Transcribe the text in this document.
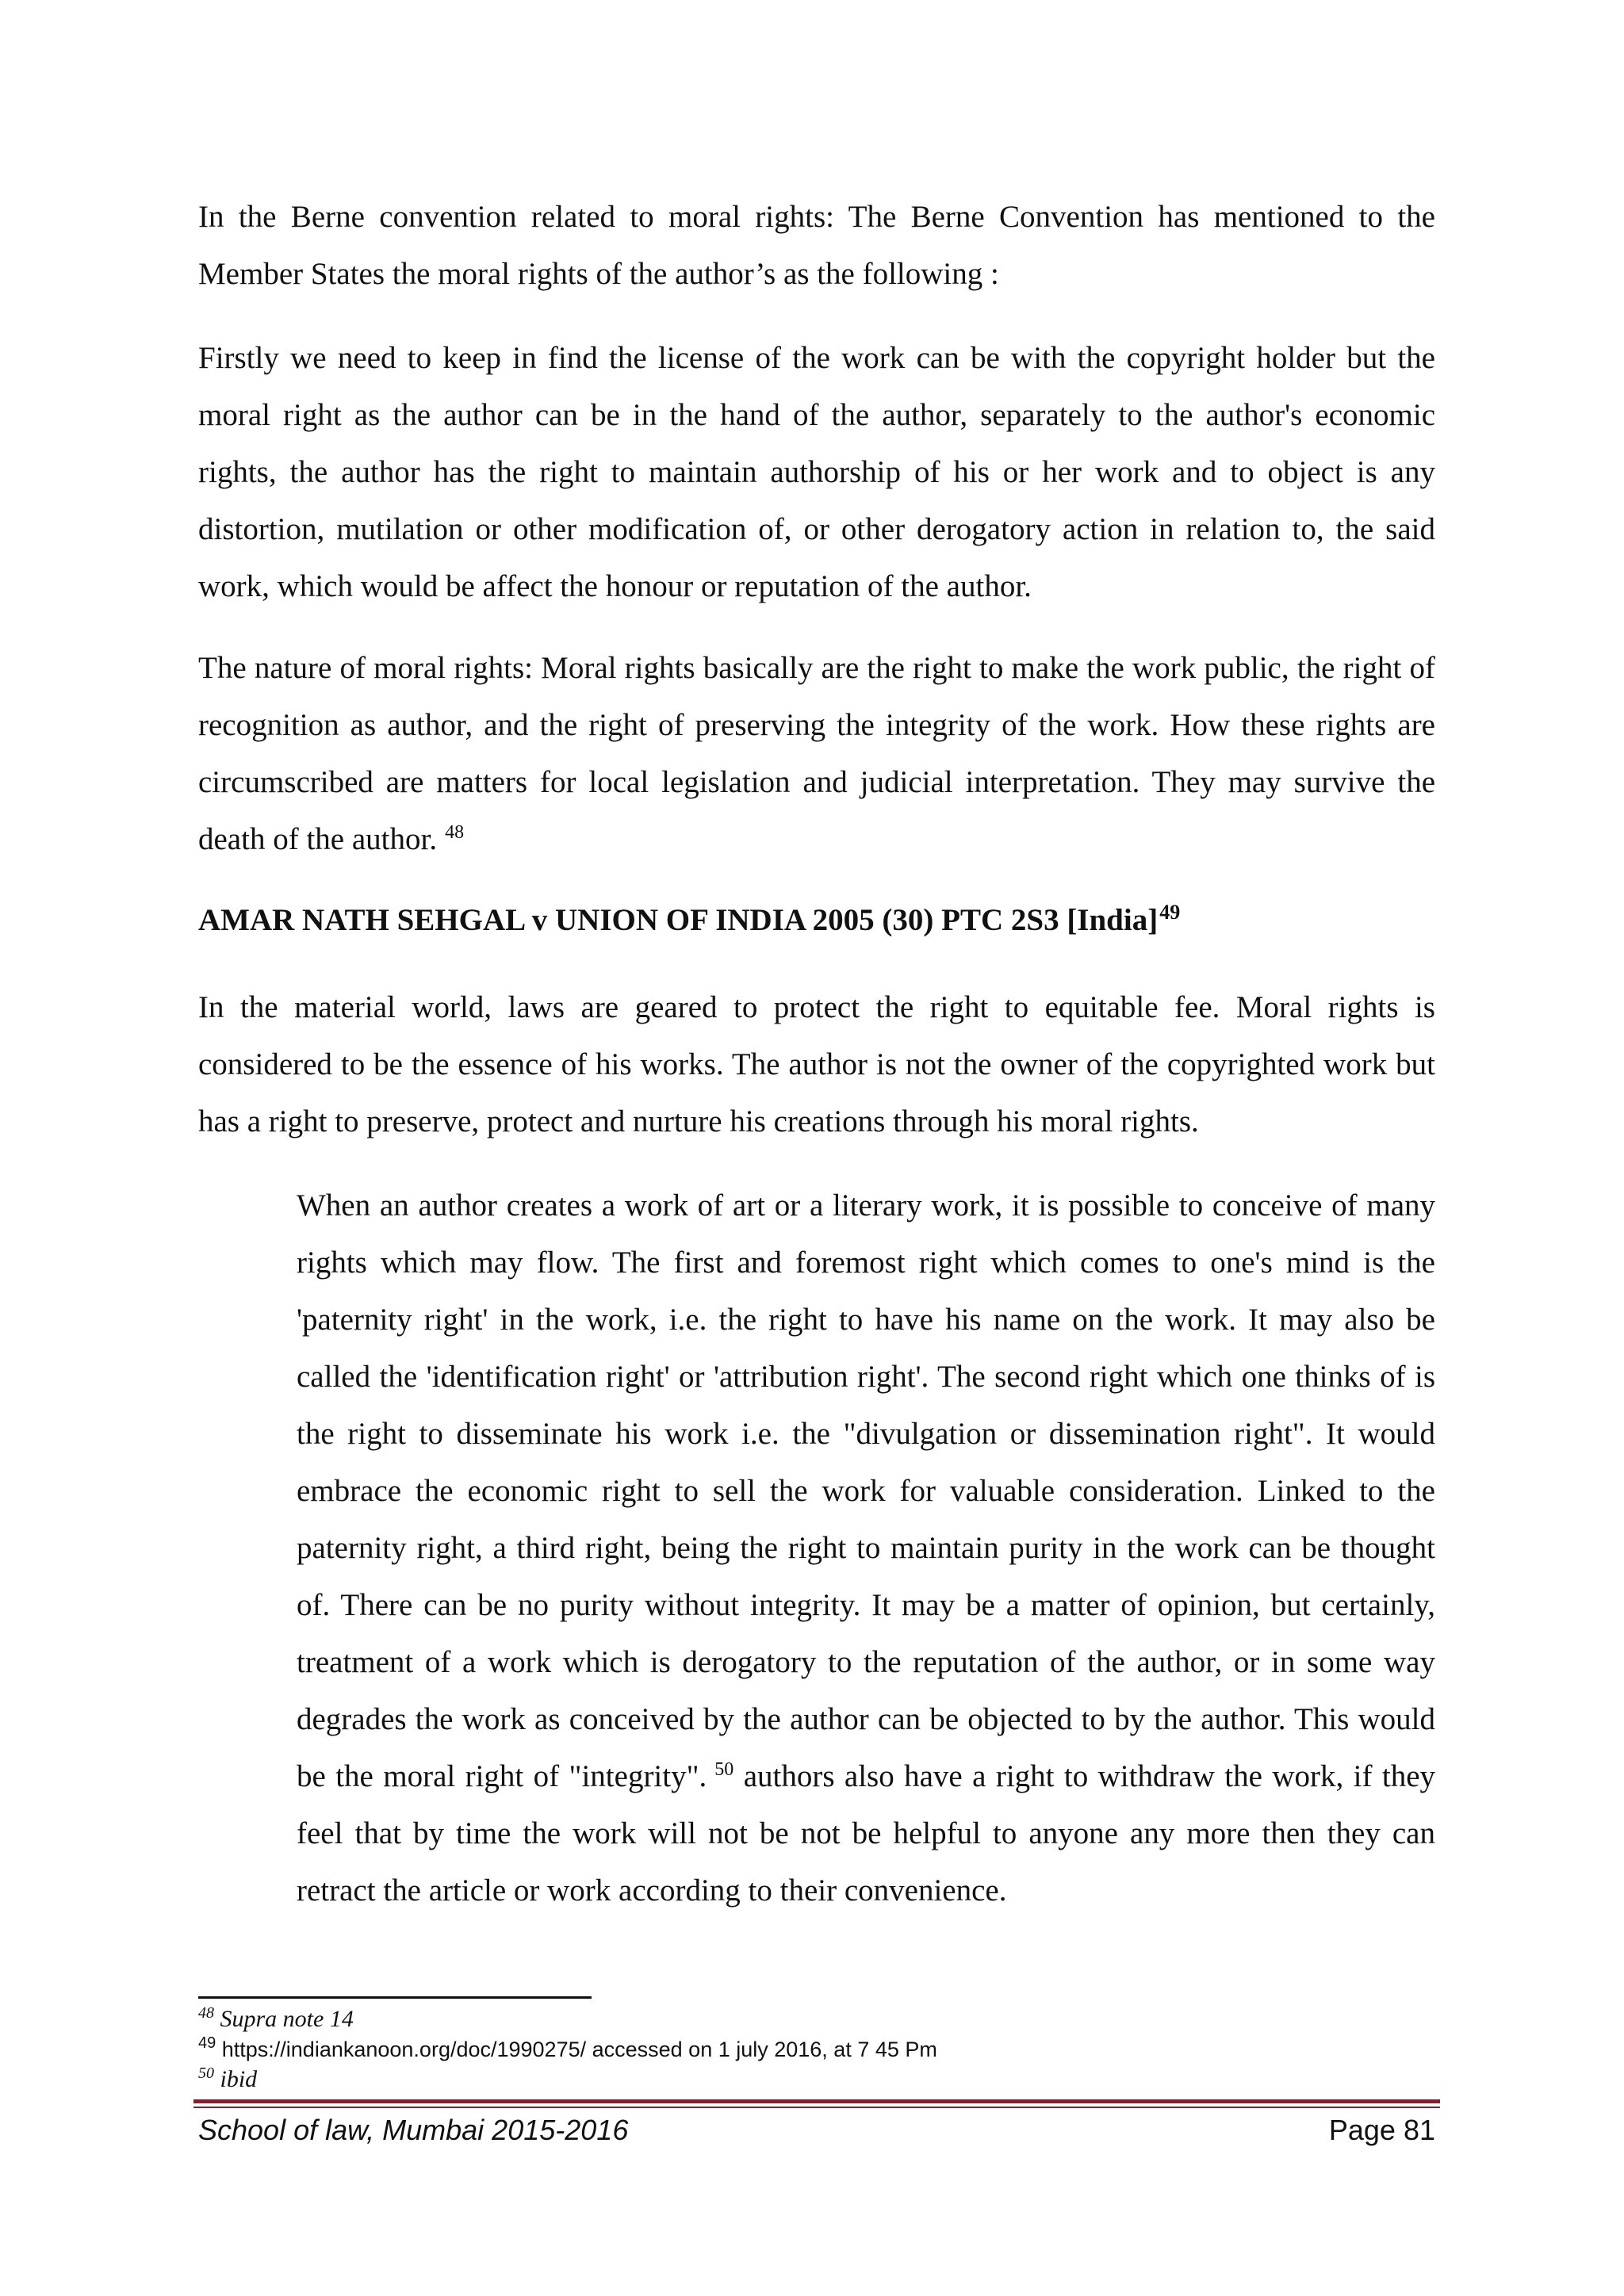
In the Berne convention related to moral rights: The Berne Convention has mentioned to the Member States the moral rights of the author’s as the following :

Firstly we need to keep in find the license of the work can be with the copyright holder but the moral right as the author can be in the hand of the author, separately to the author's economic rights, the author has the right to maintain authorship of his or her work and to object is any distortion, mutilation or other modification of, or other derogatory action in relation to, the said work, which would be affect the honour or reputation of the author.

The nature of moral rights: Moral rights basically are the right to make the work public, the right of recognition as author, and the right of preserving the integrity of the work. How these rights are circumscribed are matters for local legislation and judicial interpretation. They may survive the death of the author. $^{48}$

AMAR NATH SEHGAL v UNION OF INDIA 2005 (30) PTC 2S3 [India]$^{49}$

In the material world, laws are geared to protect the right to equitable fee. Moral rights is considered to be the essence of his works. The author is not the owner of the copyrighted work but has a right to preserve, protect and nurture his creations through his moral rights.

When an author creates a work of art or a literary work, it is possible to conceive of many rights which may flow. The first and foremost right which comes to one's mind is the 'paternity right' in the work, i.e. the right to have his name on the work. It may also be called the 'identification right' or 'attribution right'. The second right which one thinks of is the right to disseminate his work i.e. the "divulgation or dissemination right". It would embrace the economic right to sell the work for valuable consideration. Linked to the paternity right, a third right, being the right to maintain purity in the work can be thought of. There can be no purity without integrity. It may be a matter of opinion, but certainly, treatment of a work which is derogatory to the reputation of the author, or in some way degrades the work as conceived by the author can be objected to by the author. This would be the moral right of "integrity". $^{50}$ authors also have a right to withdraw the work, if they feel that by time the work will not be not be helpful to anyone any more then they can retract the article or work according to their convenience.

$^{48}$ Supra note 14
$^{49}$ https://indiankanoon.org/doc/1990275/ accessed on 1 july 2016, at 7 45 Pm
$^{50}$ ibid
School of law, Mumbai 2015-2016	Page 81
